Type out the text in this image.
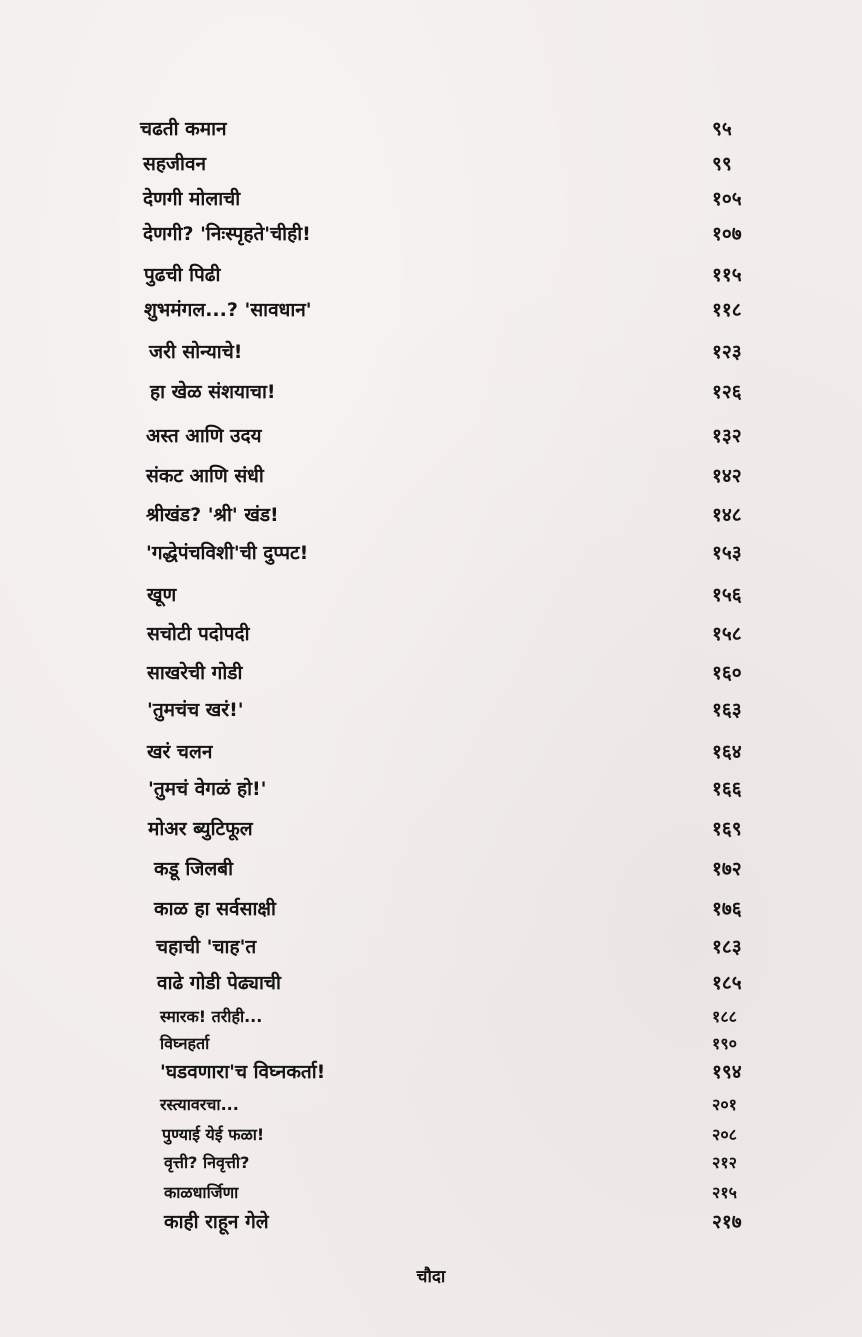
चढती कमान	९५
सहजीवन	९९
देणगी मोलाची	१०५
देणगी? 'निःस्पृहते'चीही!	१०७
पुढची पिढी	११५
शुभमंगल...? 'सावधान'	११८
जरी सोन्याचे!	१२३
हा खेळ संशयाचा!	१२६
अस्त आणि उदय	१३२
संकट आणि संधी	१४२
श्रीखंड? 'श्री' खंड!	१४८
'गद्धेपंचविशी'ची दुप्पट!	१५३
खूण	१५६
सचोटी पदोपदी	१५८
साखरेची गोडी	१६०
'तुमचंच खरं!'	१६३
खरं चलन	१६४
'तुमचं वेगळं हो!'	१६६
मोअर ब्युटिफूल	१६९
कडू जिलबी	१७२
काळ हा सर्वसाक्षी	१७६
चहाची 'चाह'त	१८३
वाढे गोडी पेढ्याची	१८५
स्मारक! तरीही...	१८८
विघ्नहर्ता	१९०
'घडवणारा'च विघ्नकर्ता!	१९४
रस्त्यावरचा...	२०१
पुण्याई येई फळा!	२०८
वृत्ती? निवृत्ती?	२१२
काळधार्जिणा	२१५
काही राहून गेले	२१७
चौदा
